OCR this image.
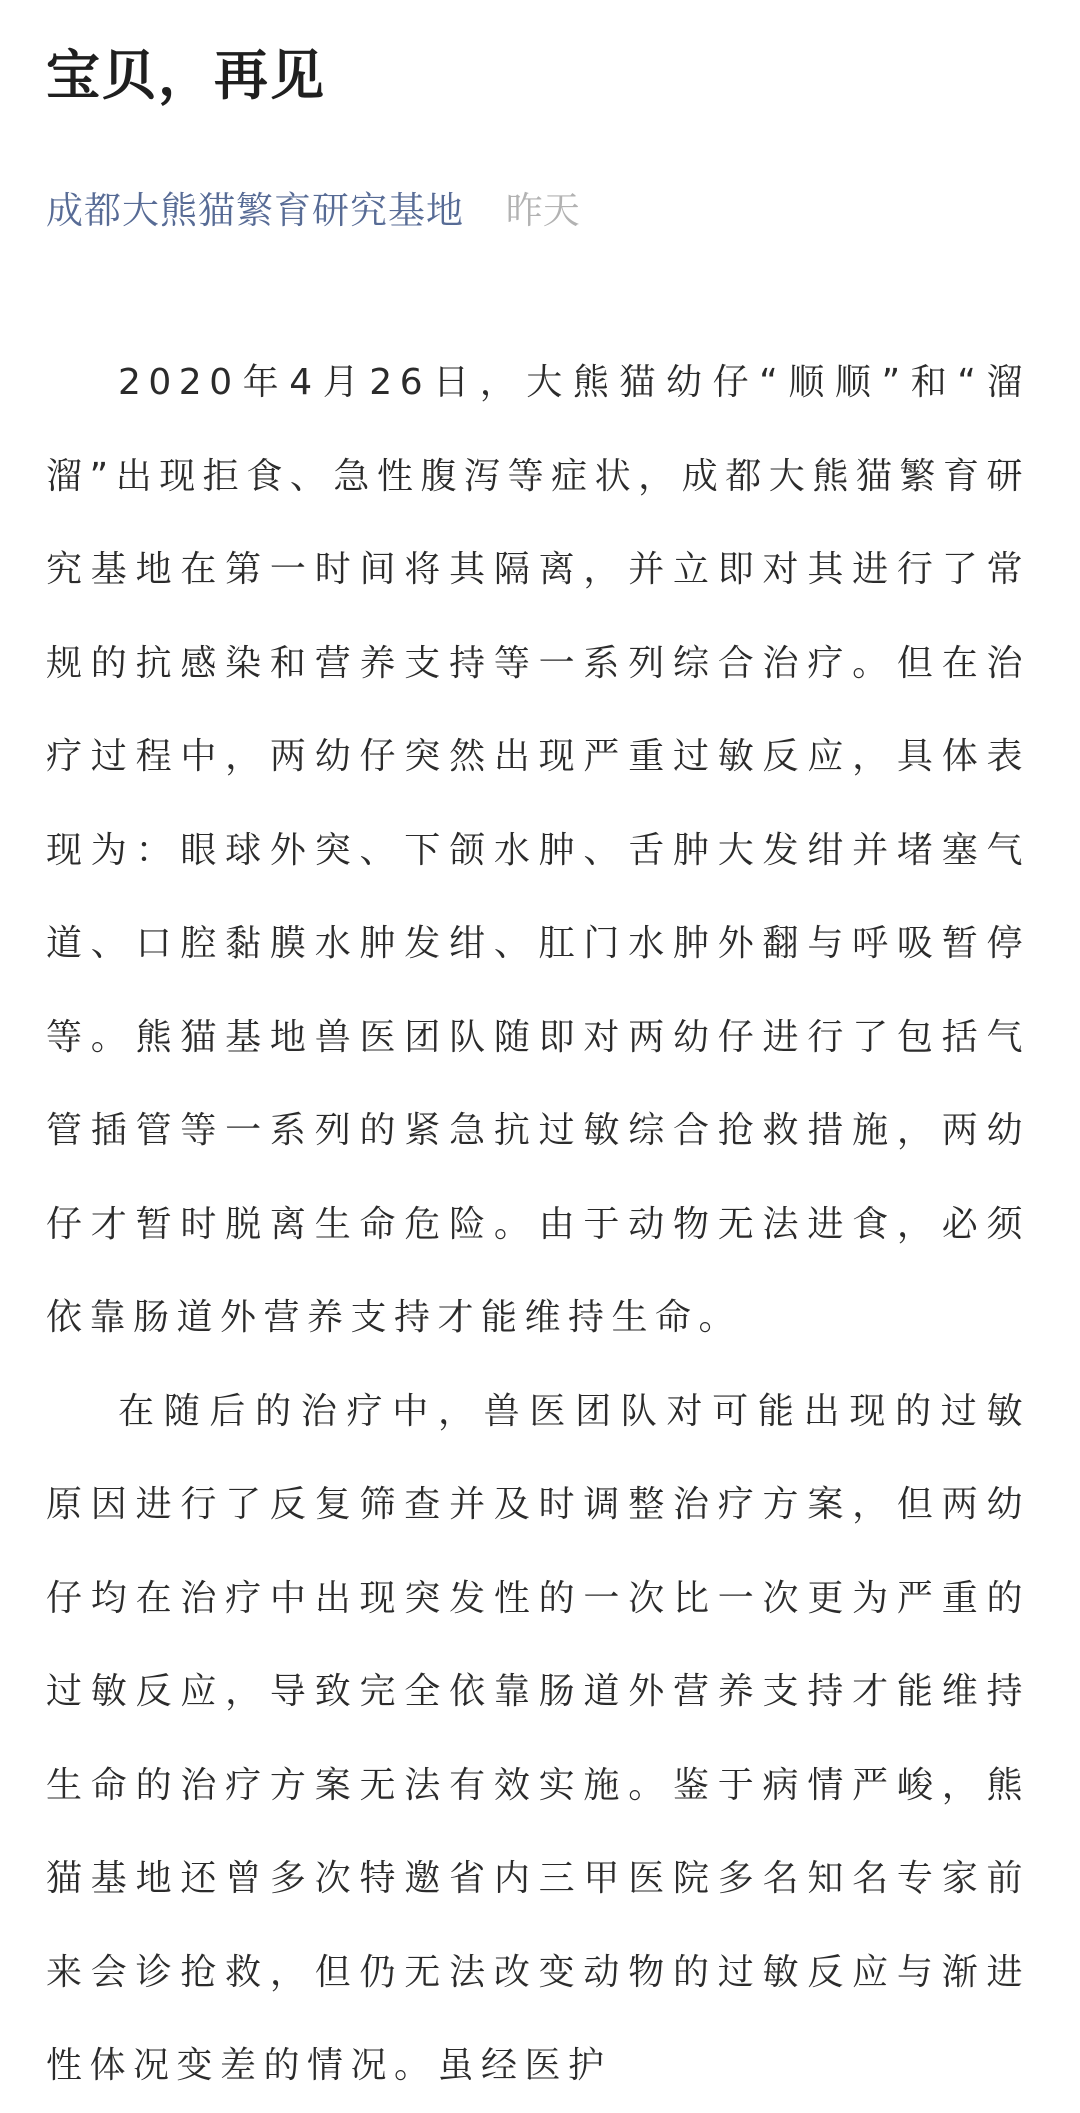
宝贝，再见
成都大熊猫繁育研究基地 昨天

2020年4月26日，大熊猫幼仔“顺顺”和“溜溜”出现拒食、急性腹泻等症状，成都大熊猫繁育研究基地在第一时间将其隔离，并立即对其进行了常规的抗感染和营养支持等一系列综合治疗。但在治疗过程中，两幼仔突然出现严重过敏反应，具体表现为：眼球外突、下颌水肿、舌肿大发绀并堵塞气道、口腔黏膜水肿发绀、肛门水肿外翻与呼吸暂停等。熊猫基地兽医团队随即对两幼仔进行了包括气管插管等一系列的紧急抗过敏综合抢救措施，两幼仔才暂时脱离生命危险。由于动物无法进食，必须依靠肠道外营养支持才能维持生命。

在随后的治疗中，兽医团队对可能出现的过敏原因进行了反复筛查并及时调整治疗方案，但两幼仔均在治疗中出现突发性的一次比一次更为严重的过敏反应，导致完全依靠肠道外营养支持才能维持生命的治疗方案无法有效实施。鉴于病情严峻，熊猫基地还曾多次特邀省内三甲医院多名知名专家前来会诊抢救，但仍无法改变动物的过敏反应与渐进性体况变差的情况。虽经医护
